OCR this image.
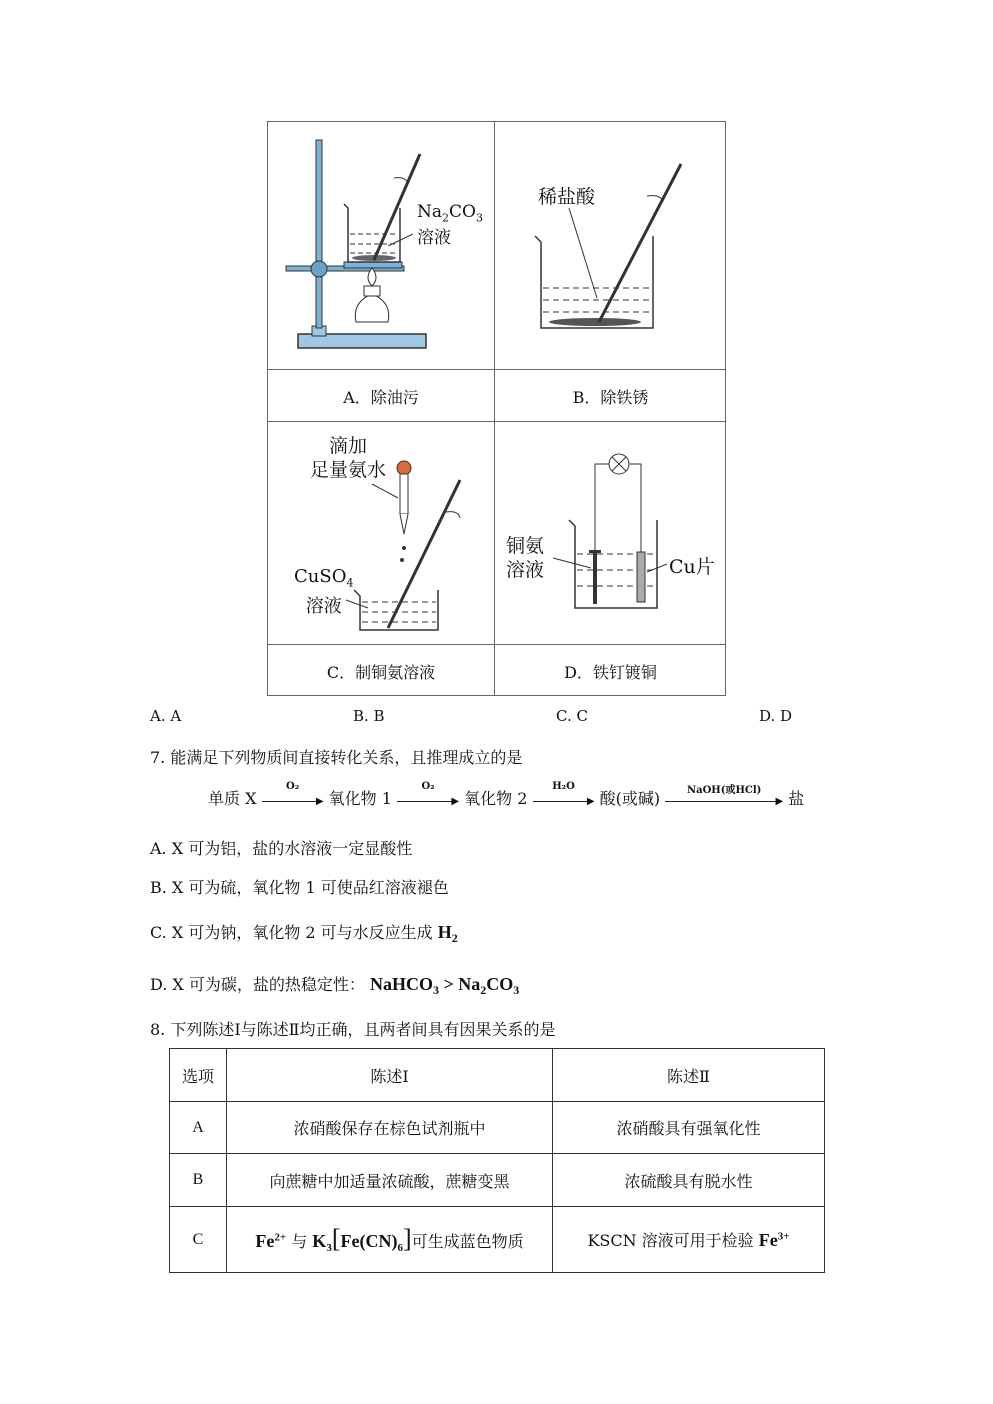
$Na_2CO_3$
溶液
稀盐酸
A．除油污	B．除铁锈
滴加
足量氨水
CuSO$_4$
溶液
铜氨
溶液	Cu片
C．制铜氨溶液	D．铁钉镀铜
A. A	B. B	C. C	D. D
7. 能满足下列物质间直接转化关系，且推理成立的是
单质 X
O₂
▶ 氧化物 1
O₂
▶ 氧化物 2
H₂O
▶ 酸(或碱)	NaOH(或HCl)
▶ 盐
A. X 可为铝，盐的水溶液一定显酸性
B. X 可为硫，氧化物 1 可使品红溶液褪色
C. X 可为钠，氧化物 2 可与水反应生成 $H_2$
D. X 可为碳，盐的热稳定性： NaHCO$_3$ > $Na_2CO_3$
8. 下列陈述Ⅰ与陈述Ⅱ均正确，且两者间具有因果关系的是
选项	陈述Ⅰ	陈述Ⅱ
A	浓硝酸保存在棕色试剂瓶中	浓硝酸具有强氧化性
B	向蔗糖中加适量浓硫酸，蔗糖变黑	浓硫酸具有脱水性
C	$Fe^{2+}$ 与 $K_3[Fe(CN)_6]$可生成蓝色物质	KSCN 溶液可用于检验 $Fe^{3+}$
